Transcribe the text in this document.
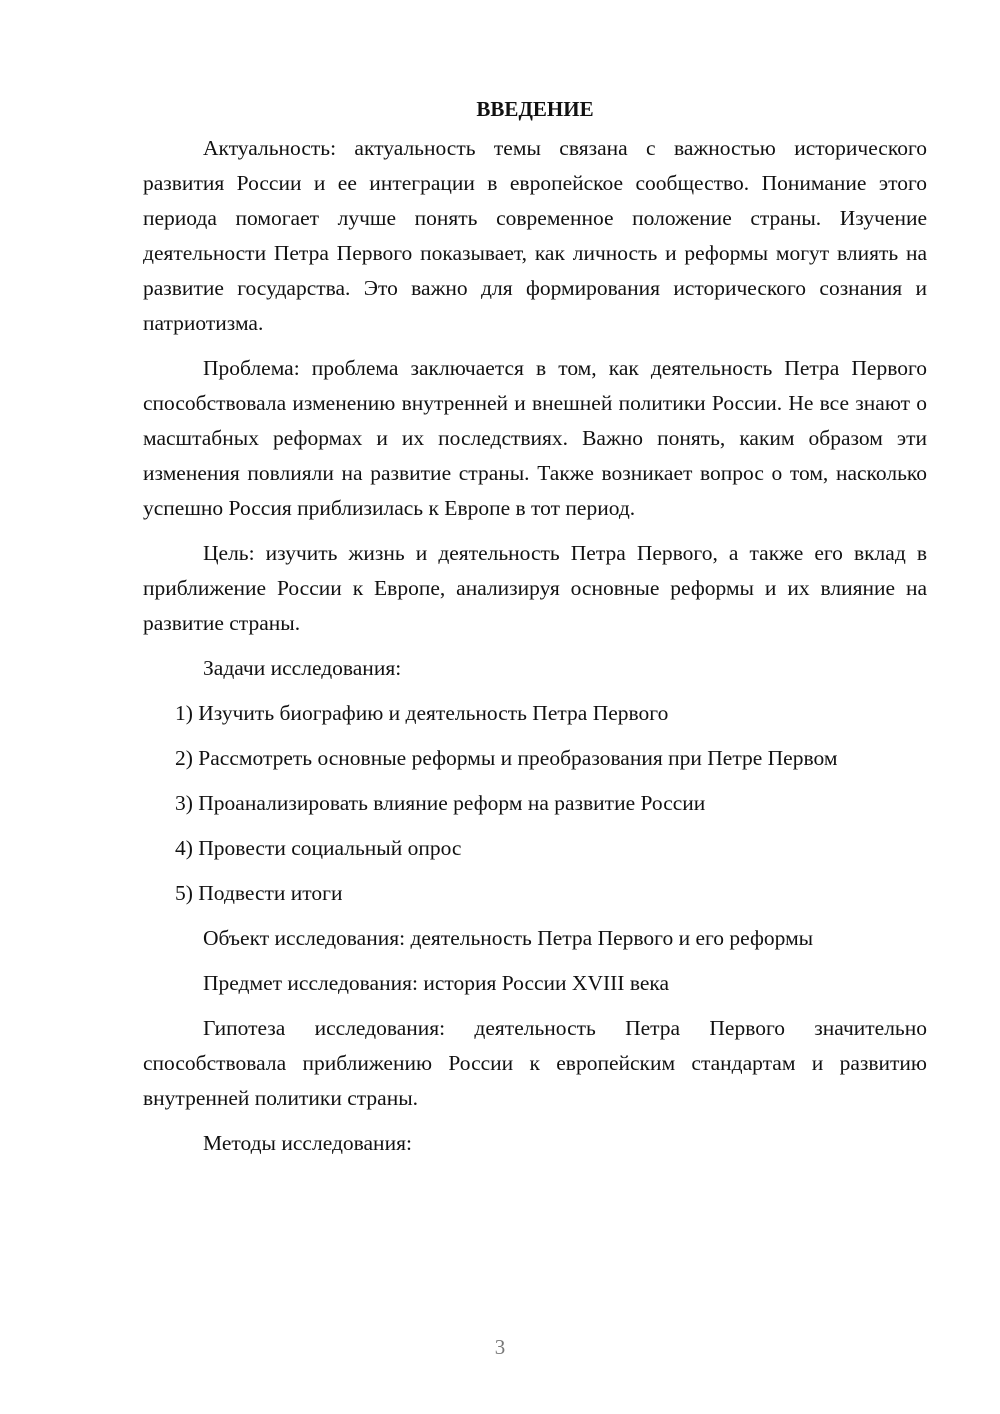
ВВЕДЕНИЕ

Актуальность: актуальность темы связана с важностью исторического развития России и ее интеграции в европейское сообщество. Понимание этого периода помогает лучше понять современное положение страны. Изучение деятельности Петра Первого показывает, как личность и реформы могут влиять на развитие государства. Это важно для формирования исторического сознания и патриотизма.

Проблема: проблема заключается в том, как деятельность Петра Первого способствовала изменению внутренней и внешней политики России. Не все знают о масштабных реформах и их последствиях. Важно понять, каким образом эти изменения повлияли на развитие страны. Также возникает вопрос о том, насколько успешно Россия приблизилась к Европе в тот период.

Цель: изучить жизнь и деятельность Петра Первого, а также его вклад в приближение России к Европе, анализируя основные реформы и их влияние на развитие страны.

Задачи исследования:

1) Изучить биографию и деятельность Петра Первого

2) Рассмотреть основные реформы и преобразования при Петре Первом

3) Проанализировать влияние реформ на развитие России

4) Провести социальный опрос

5) Подвести итоги

Объект исследования: деятельность Петра Первого и его реформы

Предмет исследования: история России XVIII века

Гипотеза исследования: деятельность Петра Первого значительно способствовала приближению России к европейским стандартам и развитию внутренней политики страны.

Методы исследования:

3
